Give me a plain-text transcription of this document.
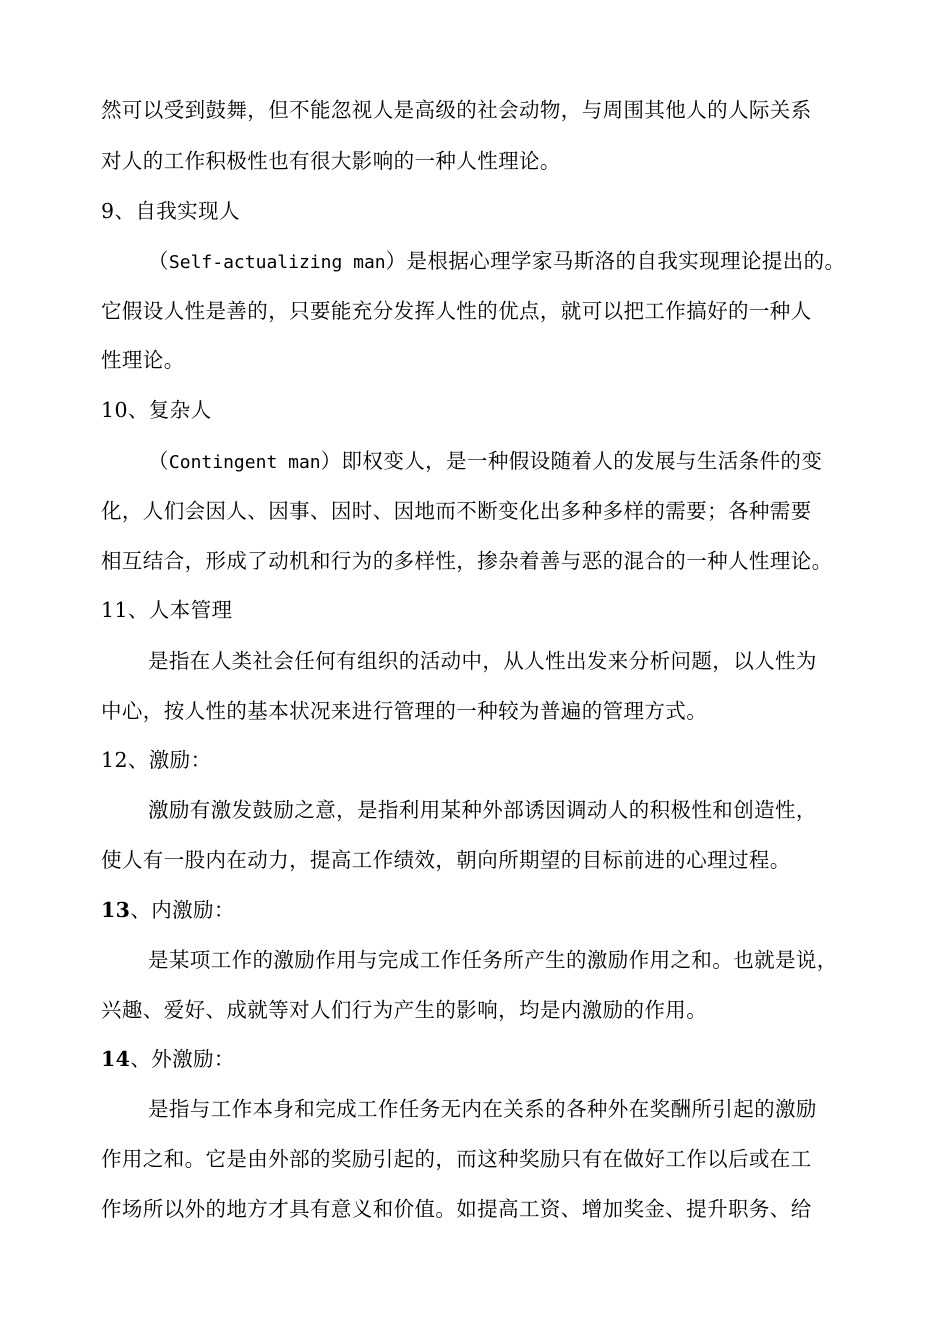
然可以受到鼓舞，但不能忽视人是高级的社会动物，与周围其他人的人际关系
对人的工作积极性也有很大影响的一种人性理论。
9、自我实现人
（Self-actualizing man）是根据心理学家马斯洛的自我实现理论提出的。
它假设人性是善的，只要能充分发挥人性的优点，就可以把工作搞好的一种人
性理论。
10、复杂人
（Contingent man）即权变人，是一种假设随着人的发展与生活条件的变
化，人们会因人、因事、因时、因地而不断变化出多种多样的需要；各种需要
相互结合，形成了动机和行为的多样性，掺杂着善与恶的混合的一种人性理论。
11、人本管理
是指在人类社会任何有组织的活动中，从人性出发来分析问题，以人性为
中心，按人性的基本状况来进行管理的一种较为普遍的管理方式。
12、激励：
激励有激发鼓励之意，是指利用某种外部诱因调动人的积极性和创造性，
使人有一股内在动力，提高工作绩效，朝向所期望的目标前进的心理过程。
13、内激励：
是某项工作的激励作用与完成工作任务所产生的激励作用之和。也就是说，
兴趣、爱好、成就等对人们行为产生的影响，均是内激励的作用。
14、外激励：
是指与工作本身和完成工作任务无内在关系的各种外在奖酬所引起的激励
作用之和。它是由外部的奖励引起的，而这种奖励只有在做好工作以后或在工
作场所以外的地方才具有意义和价值。如提高工资、增加奖金、提升职务、给
